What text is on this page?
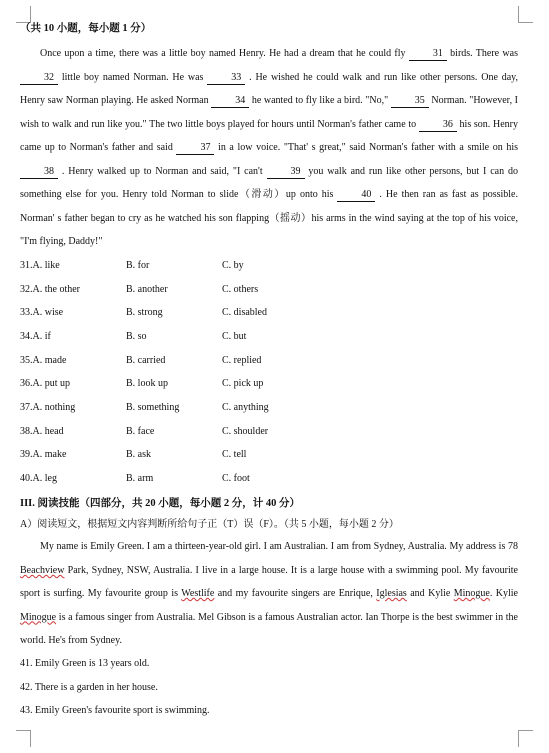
（共 10 小题，每小题 1 分）

Once upon a time, there was a little boy named Henry. He had a dream that he could fly 31 birds. There was 32 little boy named Norman. He was 33 . He wished he could walk and run like other persons. One day, Henry saw Norman playing. He asked Norman 34 he wanted to fly like a bird. "No," 35 Norman. "However, I wish to walk and run like you." The two little boys played for hours until Norman's father came to 36 his son. Henry came up to Norman's father and said 37 in a low voice. "That' s great," said Norman's father with a smile on his 38 . Henry walked up to Norman and said, "I can't 39 you walk and run like other persons, but I can do something else for you. Henry told Norman to slide（滑动）up onto his 40 . He then ran as fast as possible. Norman' s father began to cry as he watched his son flapping（摇动）his arms in the wind saying at the top of his voice, "I'm flying, Daddy!"

31.A. like	B. for	C. by
32.A. the other	B. another	C. others
33.A. wise	B. strong	C. disabled
34.A. if	B. so	C. but
35.A. made	B. carried	C. replied
36.A. put up	B. look up	C. pick up
37.A. nothing	B. something	C. anything
38.A. head	B. face	C. shoulder
39.A. make	B. ask	C. tell
40.A. leg	B. arm	C. foot
III. 阅读技能（四部分，共 20 小题，每小题 2 分，计 40 分）
A）阅读短文，根据短文内容判断所给句子正（T）误（F）。（共 5 小题，每小题 2 分）

My name is Emily Green. I am a thirteen-year-old girl. I am Australian. I am from Sydney, Australia. My address is 78 Beachview Park, Sydney, NSW, Australia. I live in a large house. It is a large house with a swimming pool. My favourite sport is surfing. My favourite group is Westlife and my favourite singers are Enrique, Iglesias and Kylie Minogue. Kylie Minogue is a famous singer from Australia. Mel Gibson is a famous Australian actor. Ian Thorpe is the best swimmer in the world. He's from Sydney.

41. Emily Green is 13 years old.
42. There is a garden in her house.
43. Emily Green's favourite sport is swimming.
